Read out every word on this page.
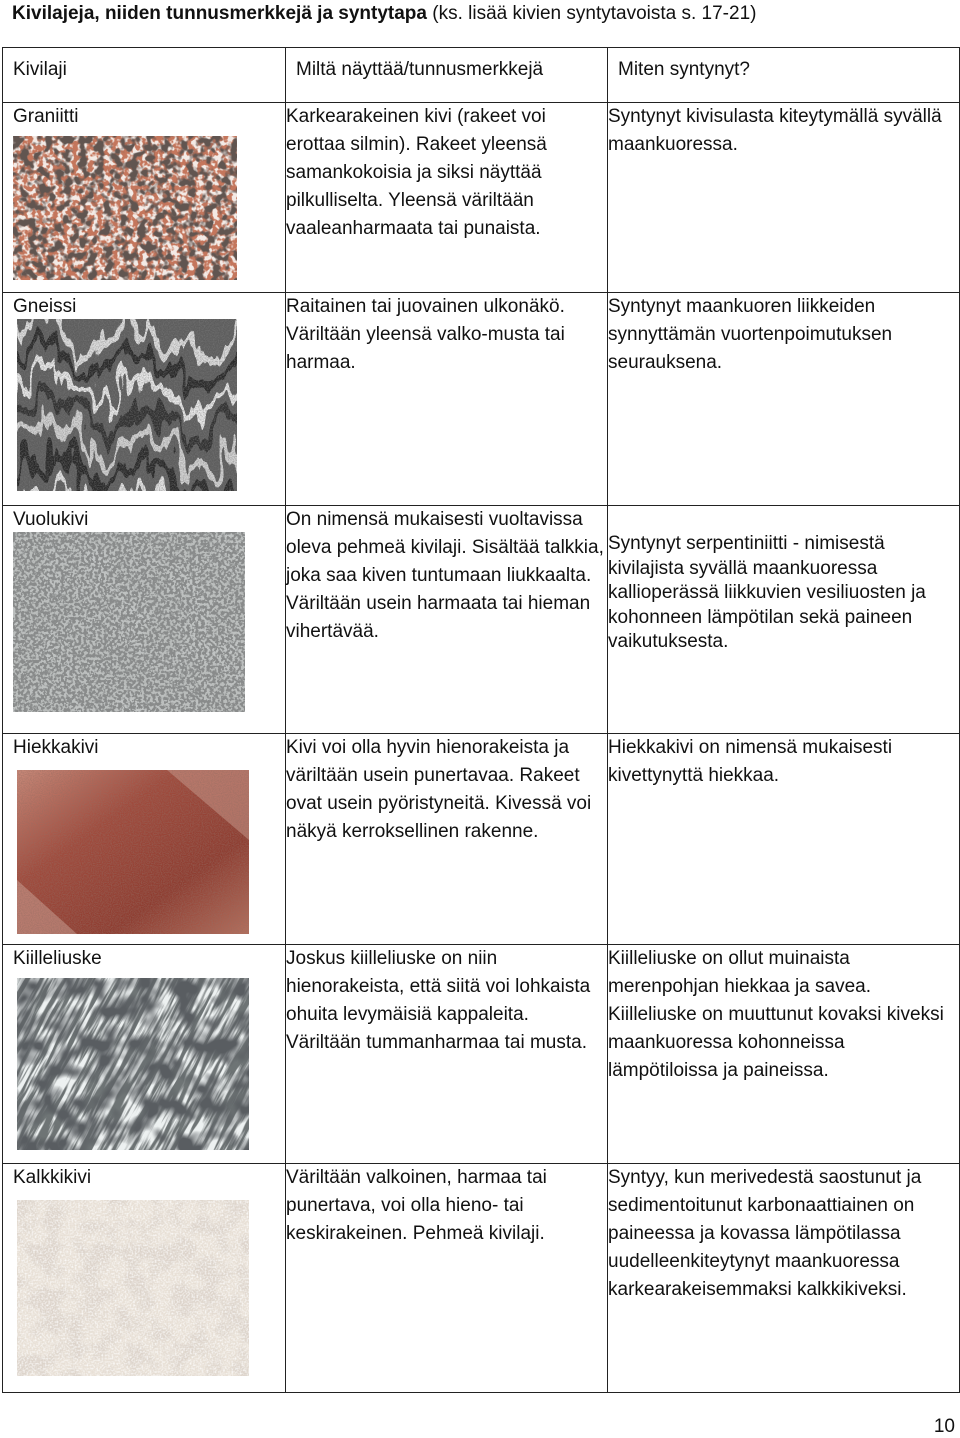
Kivilajeja, niiden tunnusmerkkejä ja syntytapa (ks. lisää kivien syntytavoista s. 17-21)
Kivilaji	Miltä näyttää/tunnusmerkkejä	Miten syntynyt?

Graniitti	Karkearakeinen kivi (rakeet voi erottaa silmin). Rakeet yleensä samankokoisia ja siksi näyttää pilkulliselta. Yleensä väriltään vaaleanharmaata tai punaista.	Syntynyt kivisulasta kiteytymällä syvällä maankuoressa.

Gneissi	Raitainen tai juovainen ulkonäkö. Väriltään yleensä valko-musta tai harmaa.	Syntynyt maankuoren liikkeiden synnyttämän vuortenpoimutuksen seurauksena.

Vuolukivi	On nimensä mukaisesti vuoltavissa oleva pehmeä kivilaji. Sisältää talkkia, joka saa kiven tuntumaan liukkaalta. Väriltään usein harmaata tai hieman vihertävää.	Syntynyt serpentiniitti - nimisestä kivilajista syvällä maankuoressa kallioperässä liikkuvien vesiliuosten ja kohonneen lämpötilan sekä paineen vaikutuksesta.

Hiekkakivi	Kivi voi olla hyvin hienorakeista ja väriltään usein punertavaa. Rakeet ovat usein pyöristyneitä. Kivessä voi näkyä kerroksellinen rakenne.	Hiekkakivi on nimensä mukaisesti kivettynyttä hiekkaa.

Kiilleliuske	Joskus kiilleliuske on niin hienorakeista, että siitä voi lohkaista ohuita levymäisiä kappaleita. Väriltään tummanharmaa tai musta.	Kiilleliuske on ollut muinaista merenpohjan hiekkaa ja savea. Kiilleliuske on muuttunut kovaksi kiveksi maankuoressa kohonneissa lämpötiloissa ja paineissa.

Kalkkikivi	Väriltään valkoinen, harmaa tai punertava, voi olla hieno- tai keskirakeinen. Pehmeä kivilaji.	Syntyy, kun merivedestä saostunut ja sedimentoitunut karbonaattiainen on paineessa ja kovassa lämpötilassa uudelleenkiteytynyt maankuoressa karkearakeisemmaksi kalkkikiveksi.
10
